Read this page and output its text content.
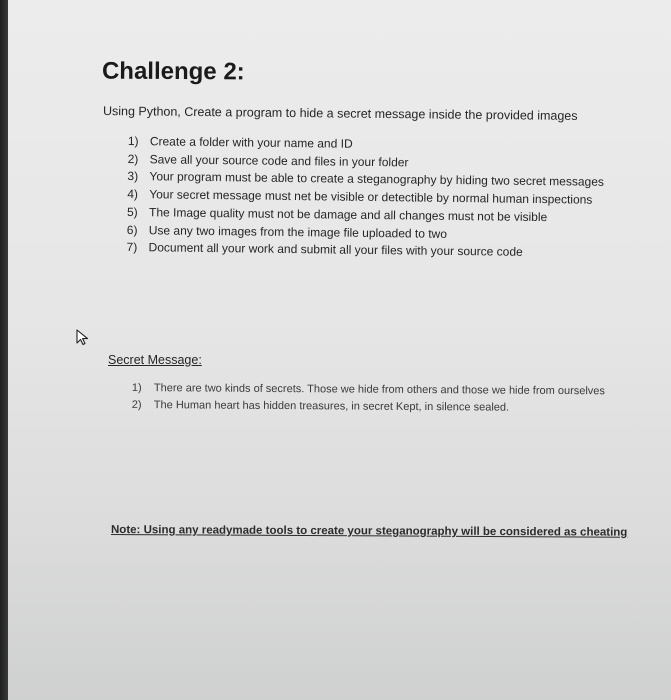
Challenge 2:

Using Python, Create a program to hide a secret message inside the provided images

1) Create a folder with your name and ID
2) Save all your source code and files in your folder
3) Your program must be able to create a steganography by hiding two secret messages
4) Your secret message must net be visible or detectible by normal human inspections
5) The Image quality must not be damage and all changes must not be visible
6) Use any two images from the image file uploaded to two
7) Document all your work and submit all your files with your source code

Secret Message:

1)	There are two kinds of secrets. Those we hide from others and those we hide from ourselves
2)	The Human heart has hidden treasures, in secret Kept, in silence sealed.

Note: Using any readymade tools to create your steganography will be considered as cheating
